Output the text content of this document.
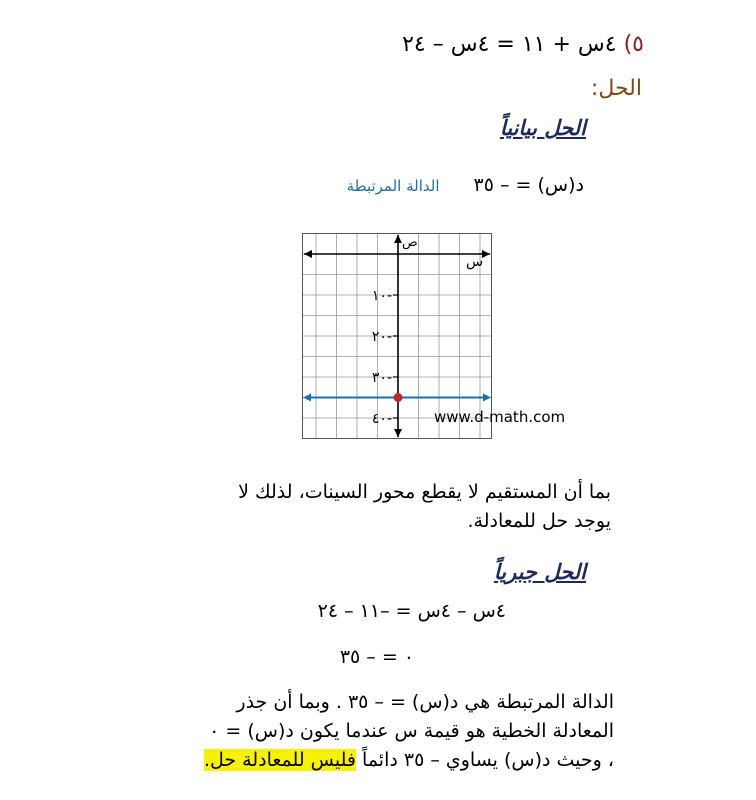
٥) ٤س + ١١ = ٤س – ٢٤
الحل:
الحل بيانياً
د(س) = – ٣٥ الدالة المرتبطة
س
ص
١٠-
٢٠-
٣٠-
٤٠-	www.d-math.com
بما أن المستقيم لا يقطع محور السينات، لذلك لا
يوجد حل للمعادلة.
الحل جبرياً
٤س – ٤س = –١١ – ٢٤
٠ = – ٣٥
الدالة المرتبطة هي د(س) = – ٣٥ . وبما أن جذر
المعادلة الخطية هو قيمة س عندما يكون د(س) = ٠
، وحيث د(س) يساوي – ٣٥ دائماً فليس للمعادلة حل.
